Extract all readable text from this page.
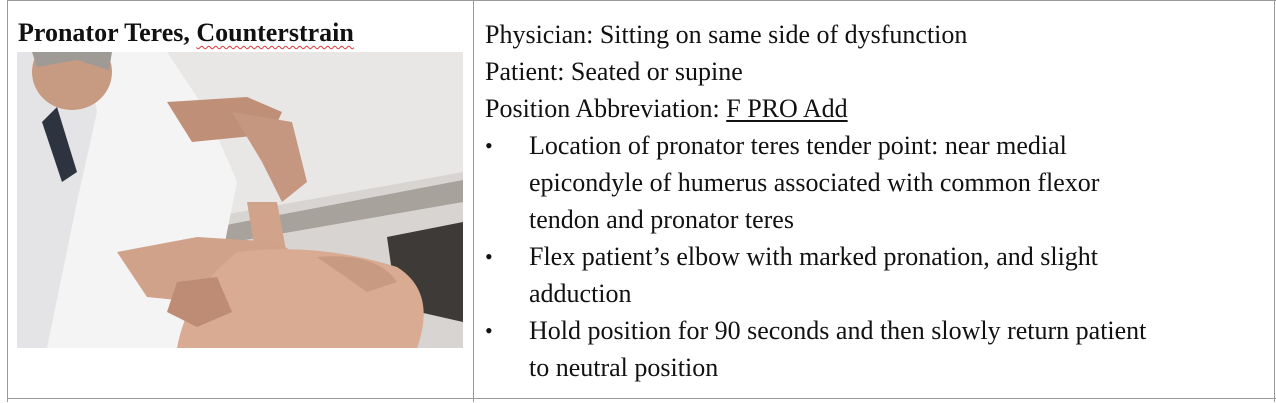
Pronator Teres, Counterstrain	Physician: Sitting on same side of dysfunction
Patient: Seated or supine
Position Abbreviation: F PRO Add
• Location of pronator teres tender point: near medial
epicondyle of humerus associated with common flexor
tendon and pronator teres
• Flex patient’s elbow with marked pronation, and slight
adduction
• Hold position for 90 seconds and then slowly return patient
to neutral position
